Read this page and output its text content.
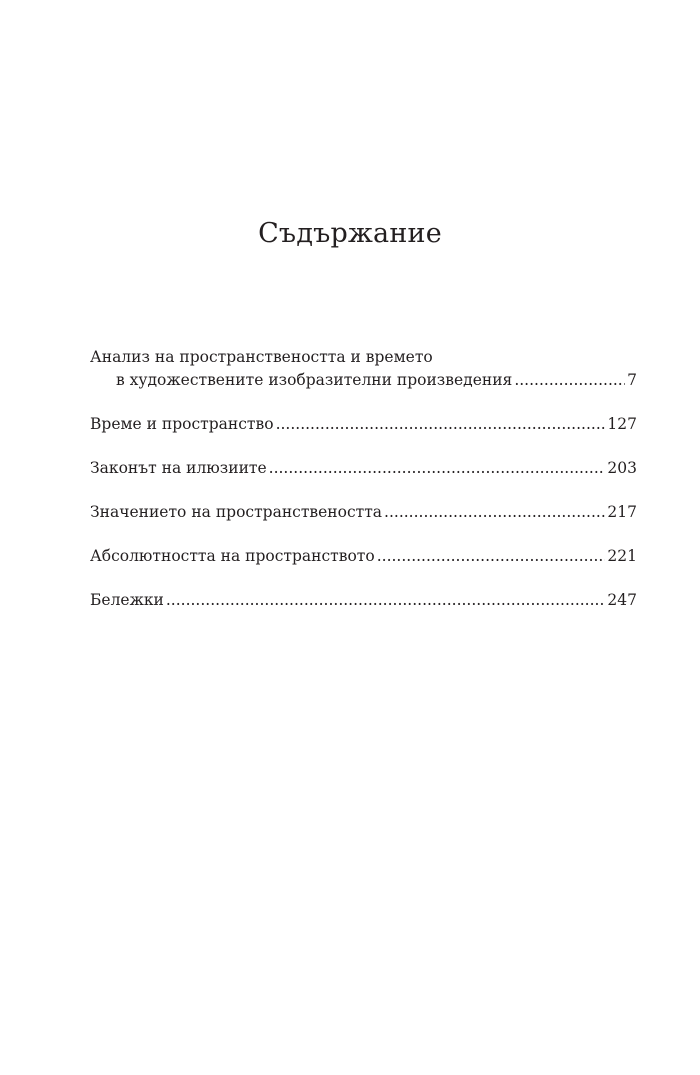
Съдържание
Анализ на пространствеността и времето
в художествените изобразителни произведения .....	7
Време и пространство .....	127
Законът на илюзиите .....	203
Значението на пространствеността .....	217
Абсолютността на пространството .....	221
Бележки .....	247
